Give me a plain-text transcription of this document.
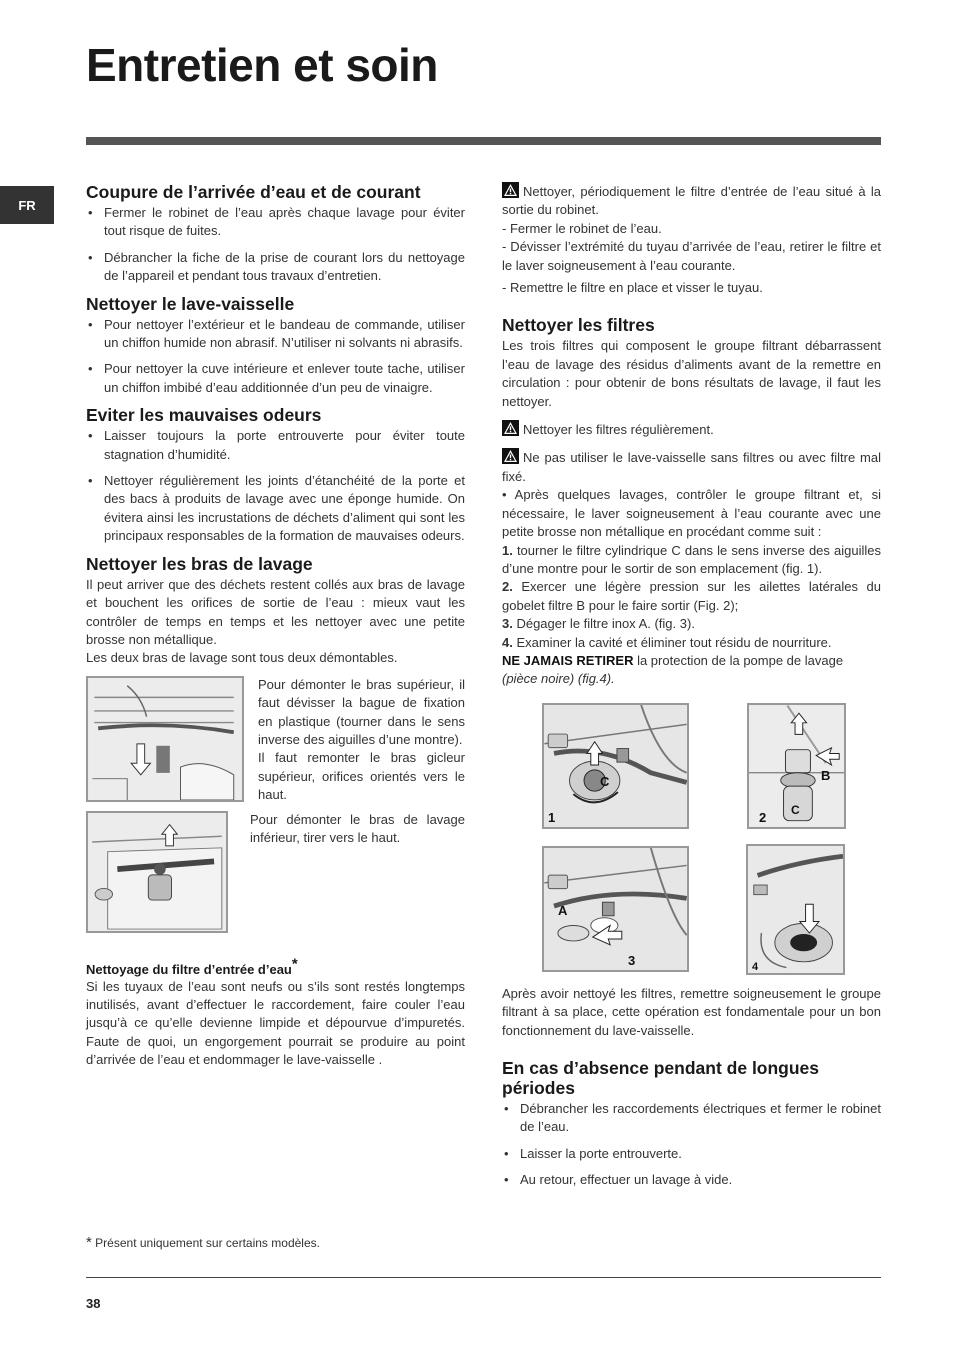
Entretien et soin
FR
Coupure de l’arrivée d’eau et de courant
• Fermer le robinet de l’eau après chaque lavage pour éviter tout risque de fuites.
• Débrancher la fiche de la prise de courant lors du nettoyage de l’appareil et pendant tous travaux d’entretien.
Nettoyer le lave-vaisselle
• Pour nettoyer l’extérieur et le bandeau de commande, utiliser un chiffon humide non abrasif. N’utiliser ni solvants ni abrasifs.
• Pour nettoyer la cuve intérieure et enlever toute tache, utiliser un chiffon imbibé d’eau additionnée d’un peu de vinaigre.
Eviter les mauvaises odeurs
• Laisser toujours la porte entrouverte pour éviter toute stagnation d’humidité.
• Nettoyer régulièrement les joints d’étanchéité de la porte et des bacs à produits de lavage avec une éponge humide. On évitera ainsi les incrustations de déchets d’aliment qui sont les principaux responsables de la formation de mauvaises odeurs.
Nettoyer les bras de lavage

Il peut arriver que des déchets restent collés aux bras de lavage et bouchent les orifices de sortie de l’eau : mieux vaut les contrôler de temps en temps et les nettoyer avec une petite brosse non métallique.

Les deux bras de lavage sont tous deux démontables.

Pour démonter le bras supérieur, il faut dévisser la bague de fixation en plastique (tourner dans le sens inverse des aiguilles d’une montre).

Il faut remonter le bras gicleur supérieur, orifices orientés vers le haut.

Pour démonter le bras de lavage inférieur, tirer vers le haut.

Nettoyage du filtre d’entrée d’eau*

Si les tuyaux de l’eau sont neufs ou s’ils sont restés longtemps inutilisés, avant d’effectuer le raccordement, faire couler l’eau jusqu’à ce qu’elle devienne limpide et dépourvue d’impuretés. Faute de quoi, un engorgement pourrait se produire au point d’arrivée de l’eau et endommager le lave-vaisselle .

Nettoyer, périodiquement le filtre d’entrée de l’eau situé à la sortie du robinet.

- Fermer le robinet de l’eau.

- Dévisser l’extrémité du tuyau d’arrivée de l’eau, retirer le filtre et le laver soigneusement à l’eau courante.

- Remettre le filtre en place et visser le tuyau.

Nettoyer les filtres

Les trois filtres qui composent le groupe filtrant débarrassent l’eau de lavage des résidus d’aliments avant de la remettre en circulation : pour obtenir de bons résultats de lavage, il faut les nettoyer.

Nettoyer les filtres régulièrement.

Ne pas utiliser le lave-vaisselle sans filtres ou avec filtre mal fixé.

• Après quelques lavages, contrôler le groupe filtrant et, si nécessaire, le laver soigneusement à l’eau courante avec une petite brosse non métallique en procédant comme suit :

1. tourner le filtre cylindrique C dans le sens inverse des aiguilles d’une montre pour le sortir de son emplacement (fig. 1).

2. Exercer une légère pression sur les ailettes latérales du gobelet filtre B pour le faire sortir (Fig. 2);

3. Dégager le filtre inox A. (fig. 3).

4. Examiner la cavité et éliminer tout résidu de nourriture.

NE JAMAIS RETIRER la protection de la pompe de lavage (pièce noire) (fig.4).

C
1
B
C
2
A
3	4

Après avoir nettoyé les filtres, remettre soigneusement le groupe filtrant à sa place, cette opération est fondamentale pour un bon fonctionnement du lave-vaisselle.

En cas d’absence pendant de longues périodes
• Débrancher les raccordements électriques et fermer le robinet de l’eau.
• Laisser la porte entrouverte.
• Au retour, effectuer un lavage à vide.
* Présent uniquement sur certains modèles.
38
